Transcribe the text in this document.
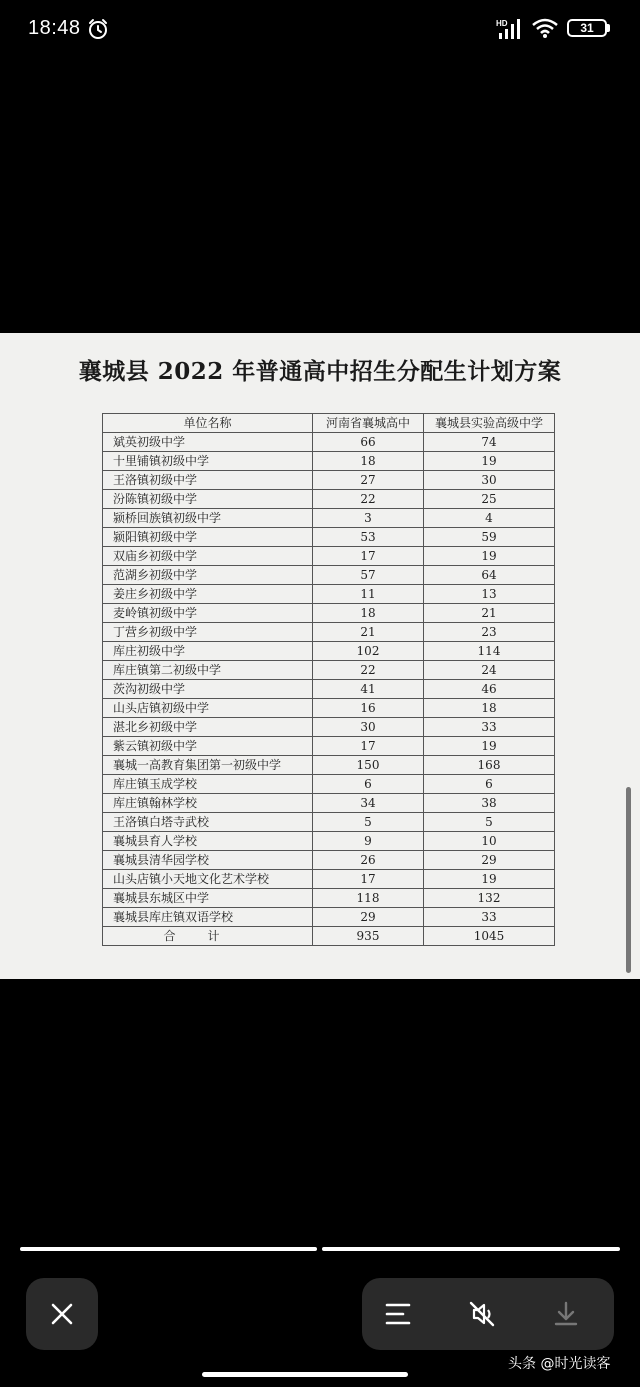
18:48	HD	31
襄城县 2022 年普通高中招生分配生计划方案
单位名称	河南省襄城高中	襄城县实验高级中学
斌英初级中学	66	74
十里铺镇初级中学	18	19
王洛镇初级中学	27	30
汾陈镇初级中学	22	25
颍桥回族镇初级中学	3	4
颍阳镇初级中学	53	59
双庙乡初级中学	17	19
范湖乡初级中学	57	64
姜庄乡初级中学	11	13
麦岭镇初级中学	18	21
丁营乡初级中学	21	23
库庄初级中学	102	114
库庄镇第二初级中学	22	24
茨沟初级中学	41	46
山头店镇初级中学	16	18
湛北乡初级中学	30	33
紫云镇初级中学	17	19
襄城一高教育集团第一初级中学	150	168
库庄镇玉成学校	6	6
库庄镇翰林学校	34	38
王洛镇白塔寺武校	5	5
襄城县育人学校	9	10
襄城县清华园学校	26	29
山头店镇小天地文化艺术学校	17	19
襄城县东城区中学	118	132
襄城县库庄镇双语学校	29	33
合计	935	1045
头条 @时光读客
